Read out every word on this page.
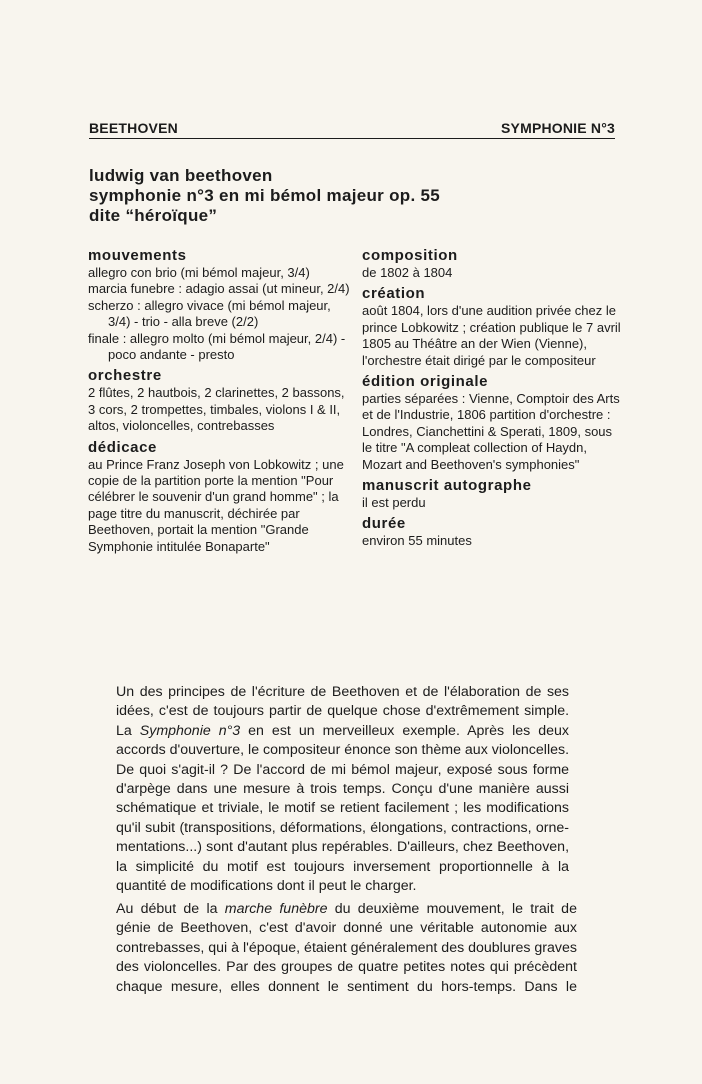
BEETHOVEN	SYMPHONIE N°3
ludwig van beethoven
symphonie n°3 en mi bémol majeur op. 55
dite “héroïque”
mouvements
allegro con brio (mi bémol majeur, 3/4)
marcia funebre : adagio assai (ut mineur, 2/4)
scherzo : allegro vivace (mi bémol majeur, 3/4) - trio - alla breve (2/2)
finale : allegro molto (mi bémol majeur, 2/4) - poco andante - presto
orchestre
2 flûtes, 2 hautbois, 2 clarinettes, 2 bassons, 3 cors, 2 trompettes, timbales, violons I & II, altos, violoncelles, contrebasses
dédicace
au Prince Franz Joseph von Lobkowitz ; une copie de la partition porte la mention "Pour célébrer le souvenir d'un grand homme" ; la page titre du manuscrit, déchirée par Beethoven, portait la mention "Grande Symphonie intitulée Bonaparte"
composition
de 1802 à 1804
création
août 1804, lors d'une audition privée chez le prince Lobkowitz ; création publique le 7 avril 1805 au Théâtre an der Wien (Vienne), l'orchestre était dirigé par le compositeur
édition originale
parties séparées : Vienne, Comptoir des Arts et de l'Industrie, 1806 partition d'orchestre : Londres, Cianchettini & Sperati, 1809, sous le titre "A compleat collection of Haydn, Mozart and Beethoven's symphonies"
manuscrit autographe
il est perdu
durée
environ 55 minutes

Un des principes de l'écriture de Beethoven et de l'élaboration de ses
idées, c'est de toujours partir de quelque chose d'extrêmement simple.
La Symphonie n°3 en est un merveilleux exemple. Après les deux
accords d'ouverture, le compositeur énonce son thème aux violoncelles.
De quoi s'agit-il ? De l'accord de mi bémol majeur, exposé sous forme
d'arpège dans une mesure à trois temps. Conçu d'une manière aussi
schématique et triviale, le motif se retient facilement ; les modifications
qu'il subit (transpositions, déformations, élongations, contractions, orne-
mentations...) sont d'autant plus repérables. D'ailleurs, chez Beethoven,
la simplicité du motif est toujours inversement proportionnelle à la
quantité de modifications dont il peut le charger.

Au début de la marche funèbre du deuxième mouvement, le trait de
génie de Beethoven, c'est d'avoir donné une véritable autonomie aux
contrebasses, qui à l'époque, étaient généralement des doublures graves
des violoncelles. Par des groupes de quatre petites notes qui précèdent
chaque mesure, elles donnent le sentiment du hors-temps. Dans le
